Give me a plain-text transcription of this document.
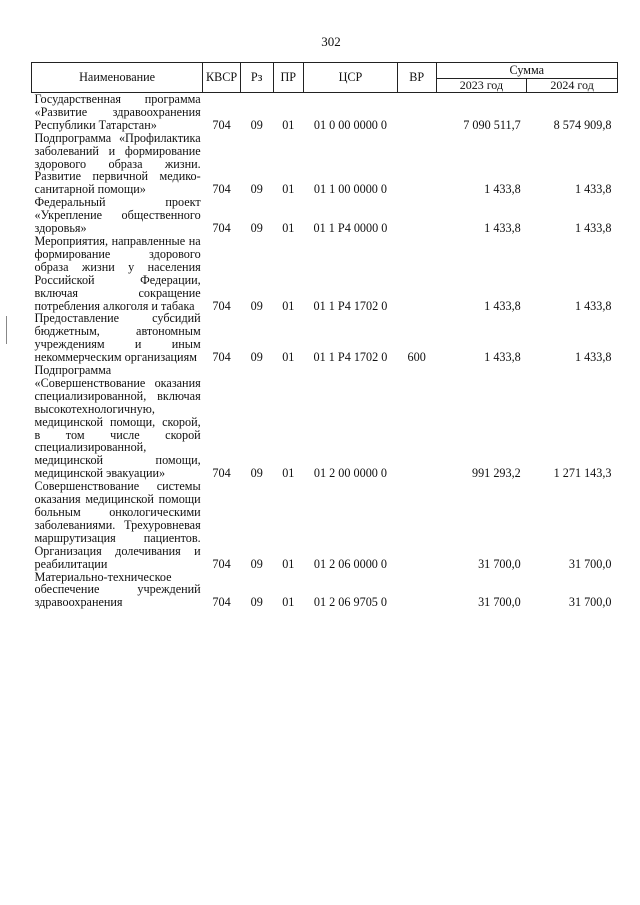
302
Наименование	КВСР	Рз	ПР	ЦСР	ВР	Сумма	
						2023 год	2024 год
Государственная программа «Развитие здравоохранения Республики Татарстан»	704	09	01	01 0 00 0000 0		7 090 511,7	8 574 909,8
Подпрограмма «Профилактика заболеваний и формирование здорового образа жизни. Развитие первичной медико-санитарной помощи»	704	09	01	01 1 00 0000 0		1 433,8	1 433,8
Федеральный проект «Укрепление общественного здоровья»	704	09	01	01 1 P4 0000 0		1 433,8	1 433,8
Мероприятия, направленные на формирование здорового образа жизни у населения Российской Федерации, включая сокращение потребления алкоголя и табака	704	09	01	01 1 P4 1702 0		1 433,8	1 433,8
Предоставление субсидий бюджетным, автономным учреждениям и иным некоммерческим организациям	704	09	01	01 1 P4 1702 0	600	1 433,8	1 433,8
Подпрограмма «Совершенствование оказания специализированной, включая высокотехнологичную, медицинской помощи, скорой, в том числе скорой специализированной, медицинской помощи, медицинской эвакуации»	704	09	01	01 2 00 0000 0		991 293,2	1 271 143,3
Совершенствование системы оказания медицинской помощи больным онкологическими заболеваниями. Трехуровневая маршрутизация пациентов. Организация долечивания и реабилитации	704	09	01	01 2 06 0000 0		31 700,0	31 700,0
Материально-техническое обеспечение учреждений здравоохранения	704	09	01	01 2 06 9705 0		31 700,0	31 700,0
